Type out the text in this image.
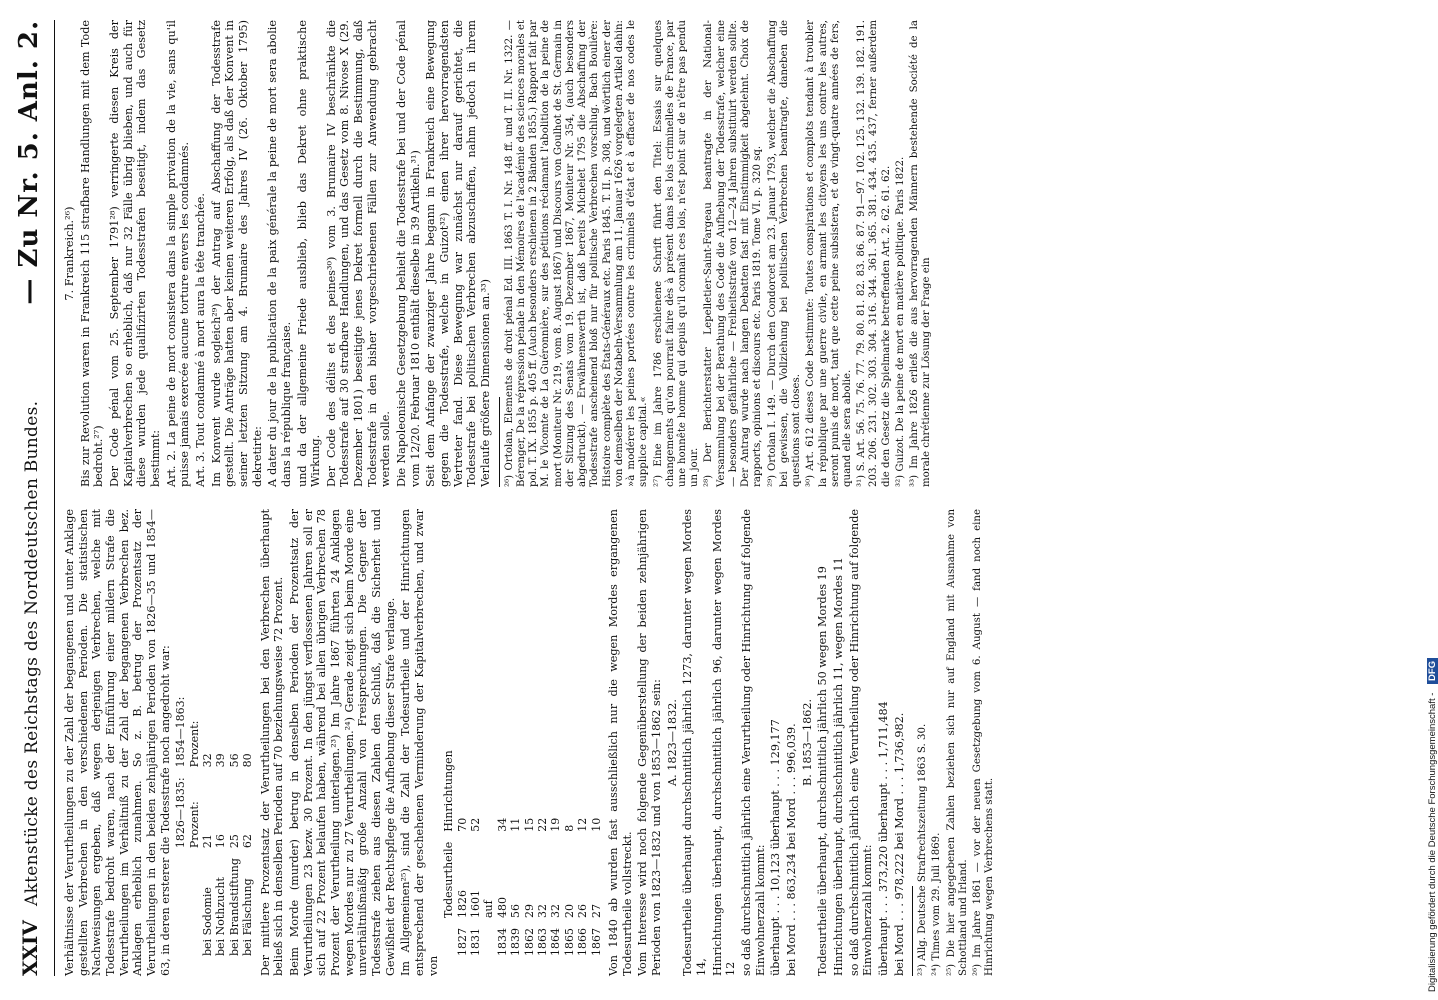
XXIV
Aktenstücke des Reichstags des Norddeutschen Bundes.
— Zu Nr. 5. Anl. 2.

Verhältnisse der Verurtheilungen zu der Zahl der begangenen und unter Anklage gestellten Verbrechen in den verschiedenen Perioden. Die statistischen Nachweisungen ergeben, daß wegen derjenigen Verbrechen, welche mit Todesstrafe bedroht waren, nach der Einführung einer mildern Strafe die Verurtheilungen im Verhältniß zu der Zahl der begangenen Verbrechen bez. Anklagen erheblich zunahmen. So z. B. betrug der Prozentsatz der Verurtheilungen in den beiden zehnjährigen Perioden von 1826—35 und 1854—63, in deren ersterer die Todesstrafe noch angedroht war:

	1826—1835:	1854—1863:
	Prozent:	Prozent:
bei Sodomie	21	32
bei Nothzucht	16	39
bei Brandstiftung	25	56
bei Fälschung	62	80 Der mittlere Prozentsatz der Verurtheilungen bei den Verbrechen überhaupt beließ sich in denselben Perioden auf 70 beziehungsweise 72 Prozent. Beim Morde (murder) betrug in denselben Perioden der Prozentsatz der Verurtheilungen 23 bezw. 30 Prozent. In den jüngst verflossenen Jahren soll er sich auf 22 Prozent belaufen haben, während bei allen übrigen Verbrechen 78 Prozent der Verurtheilung unterlagen.²³) Im Jahre 1867 führten 24 Anklagen wegen Mordes nur zu 27 Verurtheilungen.²⁴) Gerade zeigt sich beim Morde eine unverhältnißmäßig große Anzahl von Freisprechungen. Die Gegner der Todesstrafe ziehen aus diesen Zahlen den Schluß, daß die Sicherheit und Gewißheit der Rechtspflege die Aufhebung dieser Strafe verlange. Im Allgemeinen²⁵), sind die Zahl der Todesurtheile und der Hinrichtungen entsprechend der geschehenen Verminderung der Kapitalverbrechen, und zwar von

	Todesurtheile	Hinrichtungen
1827	1826	70
1831	1601	52
	auf	
1834	480	34
1839	56	11
1862	29	15
1863	32	22
1864	32	19
1865	20	8
1866	26	12
1867	27	10 Von 1840 ab wurden fast ausschließlich nur die wegen Mordes ergangenen Todesurtheile vollstreckt. Vom Interesse wird noch folgende Gegenüberstellung der beiden zehnjährigen Perioden von 1823—1832 und von 1853—1862 sein: A. 1823—1832. Todesurtheile überhaupt durchschnittlich jährlich 1273, darunter wegen Mordes 14, Hinrichtungen überhaupt, durchschnittlich jährlich 96, darunter wegen Mordes 12 so daß durchschnittlich jährlich eine Verurtheilung oder Hinrichtung auf folgende Einwohnerzahl kommt: überhaupt . . . 10,123 überhaupt . . . 129,177 bei Mord . . . 863,234 bei Mord . . . 996,039. B. 1853—1862. Todesurtheile überhaupt, durchschnittlich jährlich 50 wegen Mordes 19 Hinrichtungen überhaupt, durchschnittlich jährlich 11, wegen Mordes 11 so daß durchschnittlich jährlich eine Verurtheilung oder Hinrichtung auf folgende Einwohnerzahl kommt: überhaupt . . . 373,220 überhaupt . . . 1,711,484 bei Mord . . . 978,222 bei Mord . . . 1,736,982. ²³) Allg. Deutsche Strafrechtszeitung 1863 S. 30. ²⁴) Times vom 29. Juli 1869. ²⁵) Die hier angegebenen Zahlen beziehen sich nur auf England mit Ausnahme von Schottland und Irland. ²⁶) Im Jahre 1861 — vor der neuen Gesetzgebung vom 6. August — fand noch eine Hinrichtung wegen Verbrechens statt.

7. Frankreich.²⁶) Bis zur Revolution waren in Frankreich 115 strafbare Handlungen mit dem Tode bedroht.²⁷) Der Code pénal vom 25. September 1791²⁸) verringerte diesen Kreis der Kapitalverbrechen so erheblich, daß nur 32 Fälle übrig blieben, und auch für diese wurden jede qualifizirten Todesstrafen beseitigt, indem das Gesetz bestimmt: Art. 2. La peine de mort consistera dans la simple privation de la vie, sans qu'il puisse jamais exercée aucune torture envers les condamnés. Art. 3. Tout condamné à mort aura la tête tranchée. Im Konvent wurde sogleich²⁹) der Antrag auf Abschaffung der Todesstrafe gestellt. Die Anträge hatten aber keinen weiteren Erfolg, als daß der Konvent in seiner letzten Sitzung am 4. Brumaire des Jahres IV (26. Oktober 1795) dekretirte: A dater du jour de la publication de la paix générale la peine de mort sera abolie dans la république française. und da der allgemeine Friede ausblieb, blieb das Dekret ohne praktische Wirkung. Der Code des délits et des peines³⁰) vom 3. Brumaire IV beschränkte die Todesstrafe auf 30 strafbare Handlungen, und das Gesetz vom 8. Nivose X (29. Dezember 1801) beseitigte jenes Dekret formell durch die Bestimmung, daß Todesstrafe in den bisher vorgeschriebenen Fällen zur Anwendung gebracht werden solle. Die Napoleonische Gesetzgebung behielt die Todesstrafe bei und der Code pénal vom 12/20. Februar 1810 enthält dieselbe in 39 Artikeln.³¹) Seit dem Anfange der zwanziger Jahre begann in Frankreich eine Bewegung gegen die Todesstrafe, welche in Guizot³²) einen ihrer hervorragendsten Vertreter fand. Diese Bewegung war zunächst nur darauf gerichtet, die Todesstrafe bei politischen Verbrechen abzuschaffen, nahm jedoch in ihrem Verlaufe größere Dimensionen an.³³) ²⁶) Ortolan, Elements de droit pénal Ed. III. 1863 T. I. Nr. 148 ff. und T. II. Nr. 1322. — Bérenger, De la répression pénale in den Mémoires de l'académie des sciences morales et pol. T. IX. 1855 p. 405 ff. (Auch besonders erschienen in 2 Bänden 1855.) Rapport fait par M. le Vicomte de La Guéronnière, sur des pétitions réclamant l'abolition de la peine de mort (Moniteur Nr. 219, vom 8. August 1867) und Discours von Goulhot de St. Germain in der Sitzung des Senats vom 19. Dezember 1867, Moniteur Nr. 354, (auch besonders abgedruckt). — Erwähnenswerth ist, daß bereits Michelet 1795 die Abschaffung der Todesstrafe anscheinend bloß nur für politische Verbrechen vorschlug. Bach Boulière: Histoire complète des États-Généraux etc. Paris 1845. T. II. p. 308, und wörtlich einer der von demselben der Notabeln-Versammlung am 11. Januar 1626 vorgelegten Artikel dahin: »à modérer les peines portées contre les criminels d'état et à effacer de nos codes le supplice capital.« ²⁷) Eine im Jahre 1786 erschienene Schrift führt den Titel: Essais sur quelques changements qu'on pourrait faire dès à présent dans les lois criminelles de France, par une honnête homme qui depuis qu'il connaît ces lois, n'est point sur de n'être pas pendu un jour. ²⁸) Der Berichterstatter Lepelletier-Saint-Fargeau beantragte in der National-Versammlung bei der Berathung des Code die Aufhebung der Todesstrafe, welcher eine — besonders gefährliche — Freiheitsstrafe von 12—24 Jahren substituirt werden sollte. Der Antrag wurde nach langen Debatten fast mit Einstimmigkeit abgelehnt. Choix de rapports, opinions et discours etc. Paris 1819. Tome VI. p. 320 sq. ²⁹) Ortolan I. 149. — Durch den Condorcet am 23. Januar 1793, welcher die Abschaffung bei gewissen, die Vollziehung bei politischen Verbrechen beantragte, daneben die questions sont closes. ³⁰) Art. 612 dieses Code bestimmte: Toutes conspirations et complots tendant à troubler la république par une guerre civile, en armant les citoyens les uns contre les autres, seront punis de mort, tant que cette peine subsistera, et de vingt-quatre années de fers, quand elle sera abolie. ³¹) S. Art. 56. 75. 76. 77. 79. 80. 81. 82. 83. 86. 87. 91—97. 102. 125. 132. 139. 182. 191. 203. 206. 231. 302. 303. 304. 316. 344. 361. 365. 381. 434. 435. 437, ferner außerdem die den Gesetz die Spielmarke betreffenden Art. 2. 62. 61. 62. ³²) Guizot. De la peine de mort en matière politique. Paris 1822. ³³) Im Jahre 1826 erließ die aus hervorragenden Männern bestehende Société de la morale chrétienne zur Lösung der Frage ein

Digitalisierung gefördert durch die Deutsche Forschungsgemeinschaft - DFG
